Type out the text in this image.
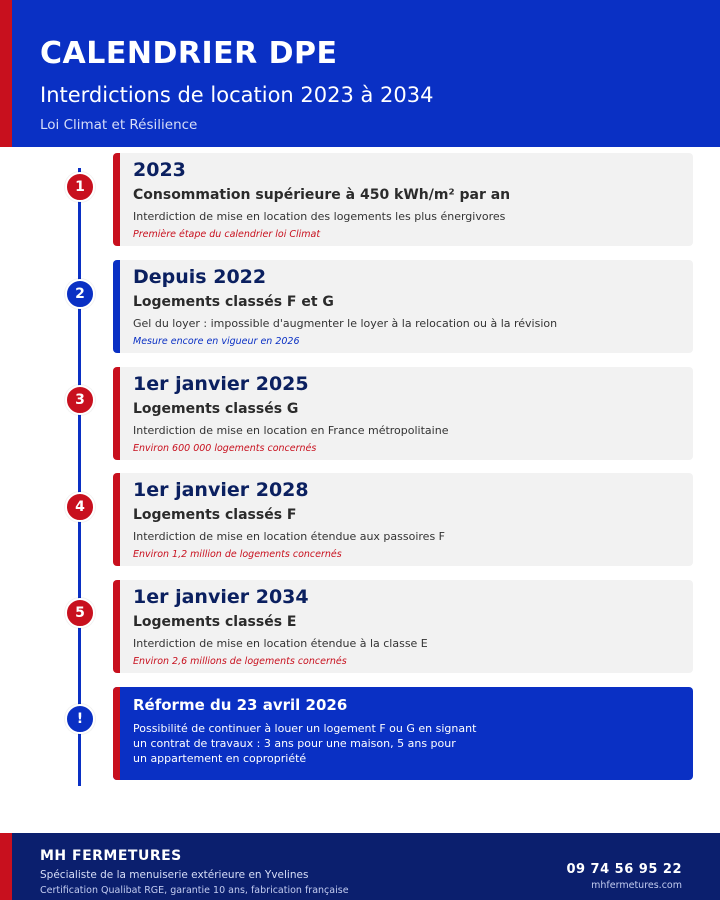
CALENDRIER DPE
Interdictions de location 2023 à 2034
Loi Climat et Résilience
1
2023
Consommation supérieure à 450 kWh/m² par an
Interdiction de mise en location des logements les plus énergivores
Première étape du calendrier loi Climat
2
Depuis 2022
Logements classés F et G
Gel du loyer : impossible d'augmenter le loyer à la relocation ou à la révision
Mesure encore en vigueur en 2026
3
1er janvier 2025
Logements classés G
Interdiction de mise en location en France métropolitaine
Environ 600 000 logements concernés
4
1er janvier 2028
Logements classés F
Interdiction de mise en location étendue aux passoires F
Environ 1,2 million de logements concernés
5
1er janvier 2034
Logements classés E
Interdiction de mise en location étendue à la classe E
Environ 2,6 millions de logements concernés
!
Réforme du 23 avril 2026
Possibilité de continuer à louer un logement F ou G en signant
un contrat de travaux : 3 ans pour une maison, 5 ans pour
un appartement en copropriété
MH FERMETURES
Spécialiste de la menuiserie extérieure en Yvelines
Certification Qualibat RGE, garantie 10 ans, fabrication française
09 74 56 95 22
mhfermetures.com
